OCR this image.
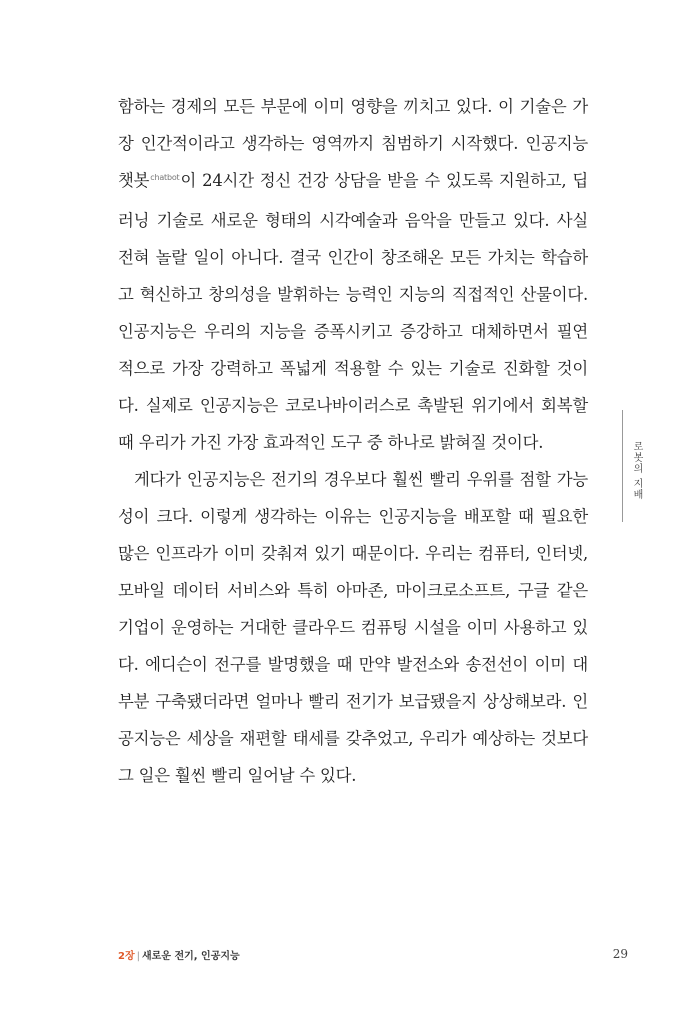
함하는 경제의 모든 부문에 이미 영향을 끼치고 있다. 이 기술은 가
장 인간적이라고 생각하는 영역까지 침범하기 시작했다. 인공지능
챗봇$^{chatbot}$이 24시간 정신 건강 상담을 받을 수 있도록 지원하고, 딥
러닝 기술로 새로운 형태의 시각예술과 음악을 만들고 있다. 사실
전혀 놀랄 일이 아니다. 결국 인간이 창조해온 모든 가치는 학습하
고 혁신하고 창의성을 발휘하는 능력인 지능의 직접적인 산물이다.
인공지능은 우리의 지능을 증폭시키고 증강하고 대체하면서 필연
적으로 가장 강력하고 폭넓게 적용할 수 있는 기술로 진화할 것이
다. 실제로 인공지능은 코로나바이러스로 촉발된 위기에서 회복할
때 우리가 가진 가장 효과적인 도구 중 하나로 밝혀질 것이다.
게다가 인공지능은 전기의 경우보다 훨씬 빨리 우위를 점할 가능
성이 크다. 이렇게 생각하는 이유는 인공지능을 배포할 때 필요한
많은 인프라가 이미 갖춰져 있기 때문이다. 우리는 컴퓨터, 인터넷,
모바일 데이터 서비스와 특히 아마존, 마이크로소프트, 구글 같은
기업이 운영하는 거대한 클라우드 컴퓨팅 시설을 이미 사용하고 있
다. 에디슨이 전구를 발명했을 때 만약 발전소와 송전선이 이미 대
부분 구축됐더라면 얼마나 빨리 전기가 보급됐을지 상상해보라. 인
공지능은 세상을 재편할 태세를 갖추었고, 우리가 예상하는 것보다
그 일은 훨씬 빨리 일어날 수 있다.
로봇의 지배
2장 | 새로운 전기, 인공지능	29
